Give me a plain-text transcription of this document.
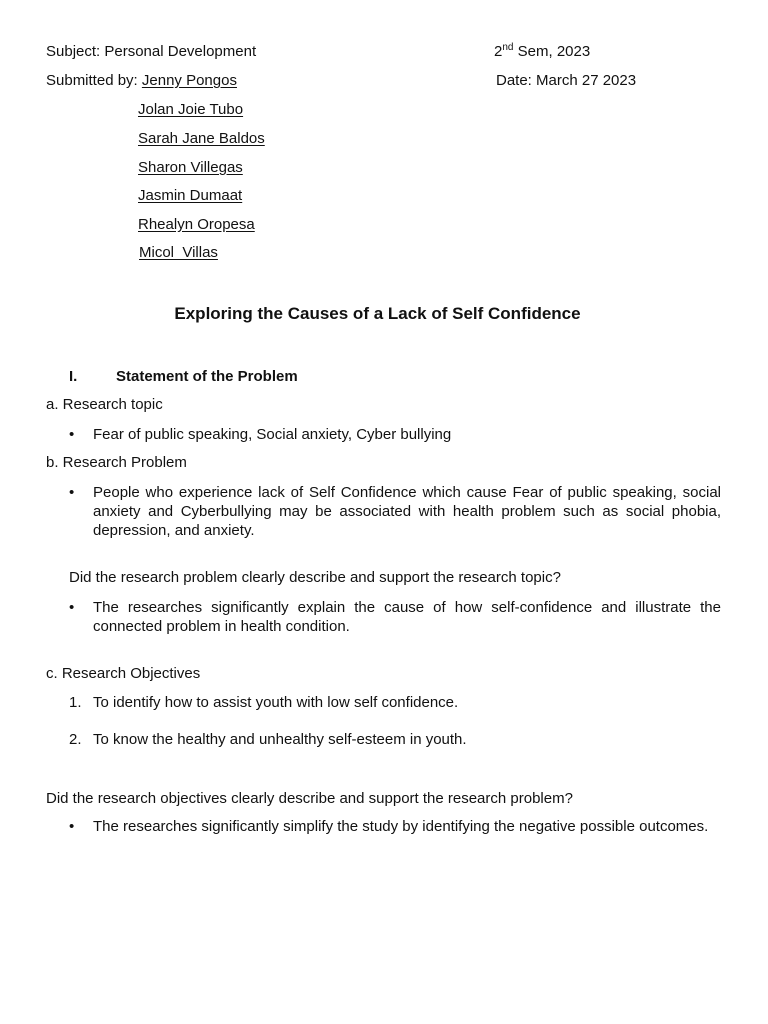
Subject: Personal Development	2nd Sem, 2023
Submitted by: Jenny Pongos	Date: March 27 2023
Jolan Joie Tubo
Sarah Jane Baldos
Sharon Villegas
Jasmin Dumaat
Rhealyn Oropesa
Micol  Villas
Exploring the Causes of a Lack of Self Confidence
I.	Statement of the Problem
a. Research topic
• Fear of public speaking, Social anxiety, Cyber bullying
b. Research Problem
• People who experience lack of Self Confidence which cause Fear of public speaking, social anxiety and Cyberbullying may be associated with health problem such as social phobia, depression, and anxiety.
Did the research problem clearly describe and support the research topic?
• The researches significantly explain the cause of how self-confidence and illustrate the connected problem in health condition.
c. Research Objectives
1. To identify how to assist youth with low self confidence.
2. To know the healthy and unhealthy self-esteem in youth.
Did the research objectives clearly describe and support the research problem?
• The researches significantly simplify the study by identifying the negative possible outcomes.
